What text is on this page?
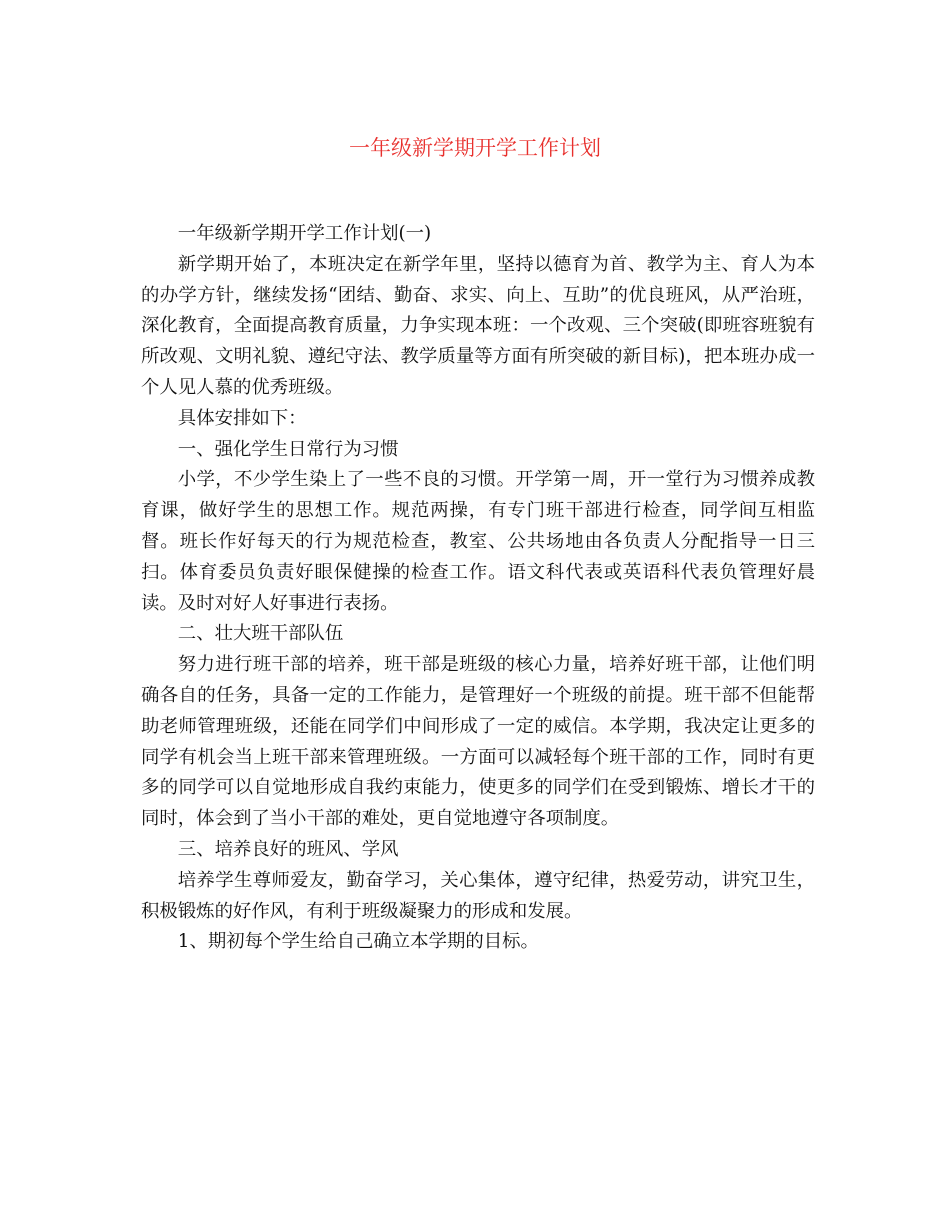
一年级新学期开学工作计划

一年级新学期开学工作计划(一)

新学期开始了，本班决定在新学年里，坚持以德育为首、教学为主、育人为本的办学方针，继续发扬“团结、勤奋、求实、向上、互助”的优良班风，从严治班，深化教育，全面提高教育质量，力争实现本班：一个改观、三个突破(即班容班貌有所改观、文明礼貌、遵纪守法、教学质量等方面有所突破的新目标)，把本班办成一个人见人慕的优秀班级。

具体安排如下：

一、强化学生日常行为习惯

小学，不少学生染上了一些不良的习惯。开学第一周，开一堂行为习惯养成教育课，做好学生的思想工作。规范两操，有专门班干部进行检查，同学间互相监督。班长作好每天的行为规范检查，教室、公共场地由各负责人分配指导一日三扫。体育委员负责好眼保健操的检查工作。语文科代表或英语科代表负管理好晨读。及时对好人好事进行表扬。

二、壮大班干部队伍

努力进行班干部的培养，班干部是班级的核心力量，培养好班干部，让他们明确各自的任务，具备一定的工作能力，是管理好一个班级的前提。班干部不但能帮助老师管理班级，还能在同学们中间形成了一定的威信。本学期，我决定让更多的同学有机会当上班干部来管理班级。一方面可以减轻每个班干部的工作，同时有更多的同学可以自觉地形成自我约束能力，使更多的同学们在受到锻炼、增长才干的同时，体会到了当小干部的难处，更自觉地遵守各项制度。

三、培养良好的班风、学风

培养学生尊师爱友，勤奋学习，关心集体，遵守纪律，热爱劳动，讲究卫生，积极锻炼的好作风，有利于班级凝聚力的形成和发展。

1、期初每个学生给自己确立本学期的目标。
